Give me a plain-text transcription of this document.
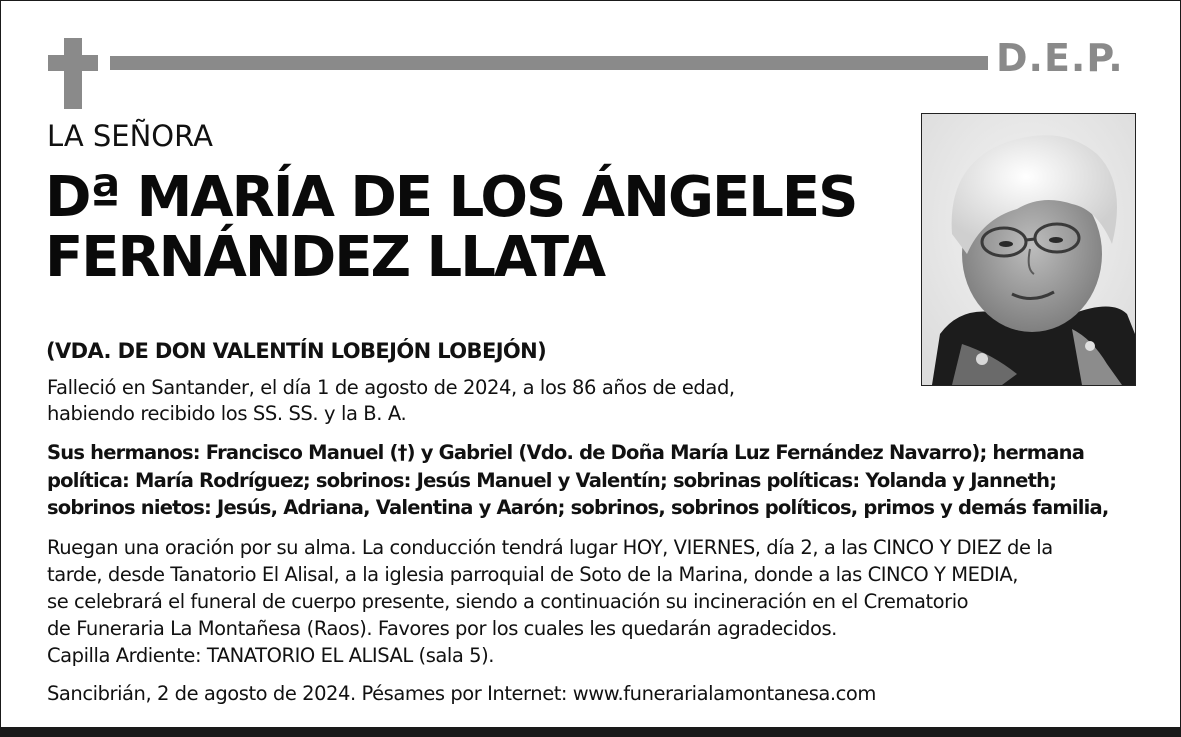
D.E.P.
LA SEÑORA
Dª MARÍA DE LOS ÁNGELES
FERNÁNDEZ LLATA
(VDA. DE DON VALENTÍN LOBEJÓN LOBEJÓN)
Falleció en Santander, el día 1 de agosto de 2024, a los 86 años de edad,
habiendo recibido los SS. SS. y la B. A.
Sus hermanos: Francisco Manuel (†) y Gabriel (Vdo. de Doña María Luz Fernández Navarro); hermana
política: María Rodríguez; sobrinos: Jesús Manuel y Valentín; sobrinas políticas: Yolanda y Janneth;
sobrinos nietos: Jesús, Adriana, Valentina y Aarón; sobrinos, sobrinos políticos, primos y demás familia,
Ruegan una oración por su alma. La conducción tendrá lugar HOY, VIERNES, día 2, a las CINCO Y DIEZ de la
tarde, desde Tanatorio El Alisal, a la iglesia parroquial de Soto de la Marina, donde a las CINCO Y MEDIA,
se celebrará el funeral de cuerpo presente, siendo a continuación su incineración en el Crematorio
de Funeraria La Montañesa (Raos). Favores por los cuales les quedarán agradecidos.
Capilla Ardiente: TANATORIO EL ALISAL (sala 5).
Sancibrián, 2 de agosto de 2024. Pésames por Internet: www.funerarialamontanesa.com
